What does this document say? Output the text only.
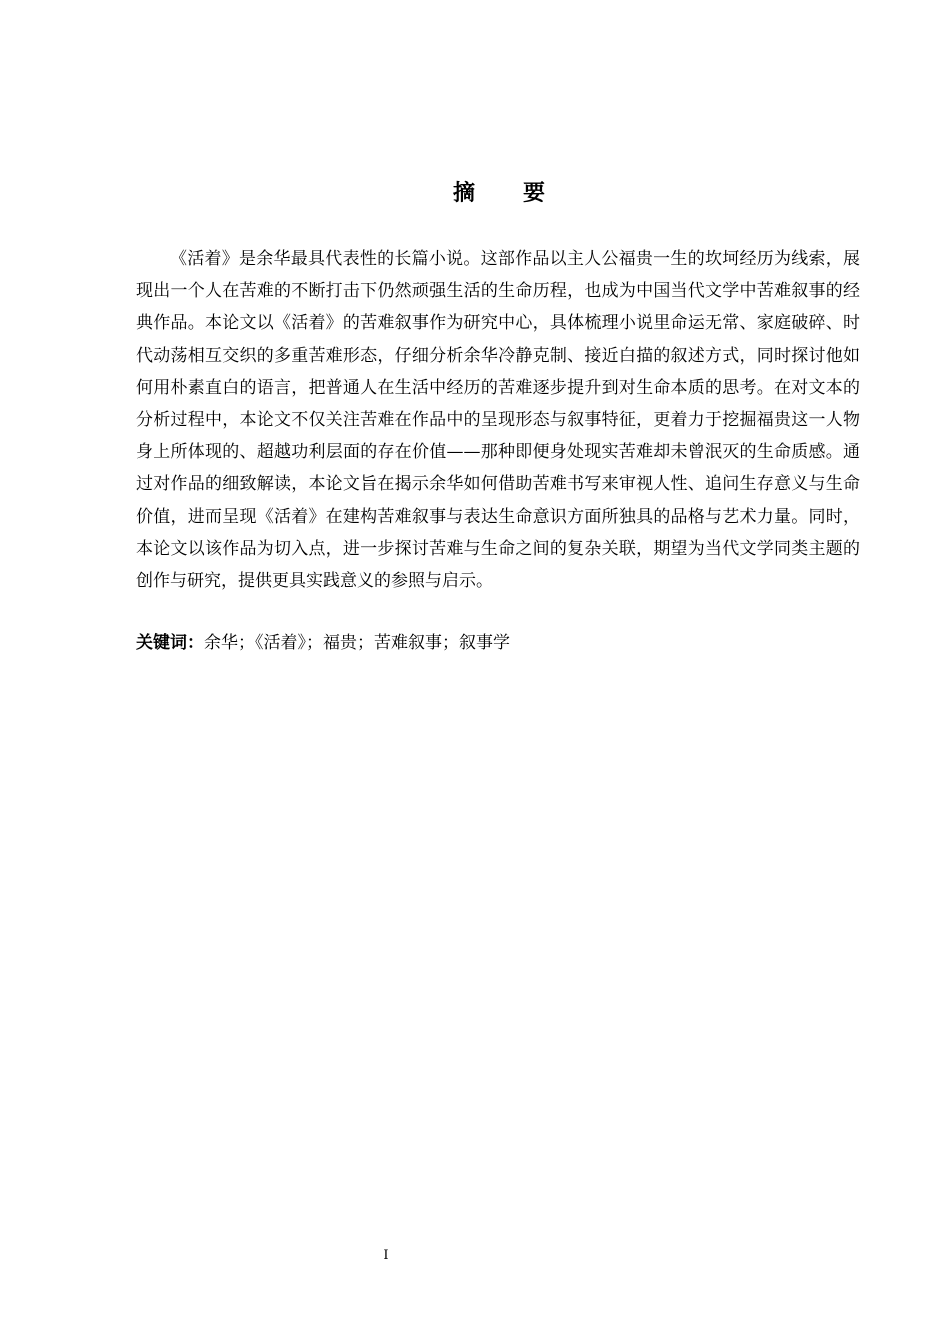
摘 要

《活着》是余华最具代表性的长篇小说。这部作品以主人公福贵一生的坎坷经历为线索，展现出一个人在苦难的不断打击下仍然顽强生活的生命历程，也成为中国当代文学中苦难叙事的经典作品。本论文以《活着》的苦难叙事作为研究中心，具体梳理小说里命运无常、家庭破碎、时代动荡相互交织的多重苦难形态，仔细分析余华冷静克制、接近白描的叙述方式，同时探讨他如何用朴素直白的语言，把普通人在生活中经历的苦难逐步提升到对生命本质的思考。在对文本的分析过程中，本论文不仅关注苦难在作品中的呈现形态与叙事特征，更着力于挖掘福贵这一人物身上所体现的、超越功利层面的存在价值——那种即便身处现实苦难却未曾泯灭的生命质感。通过对作品的细致解读，本论文旨在揭示余华如何借助苦难书写来审视人性、追问生存意义与生命价值，进而呈现《活着》在建构苦难叙事与表达生命意识方面所独具的品格与艺术力量。同时，本论文以该作品为切入点，进一步探讨苦难与生命之间的复杂关联，期望为当代文学同类主题的创作与研究，提供更具实践意义的参照与启示。

关键词：余华；《活着》；福贵；苦难叙事；叙事学
I
